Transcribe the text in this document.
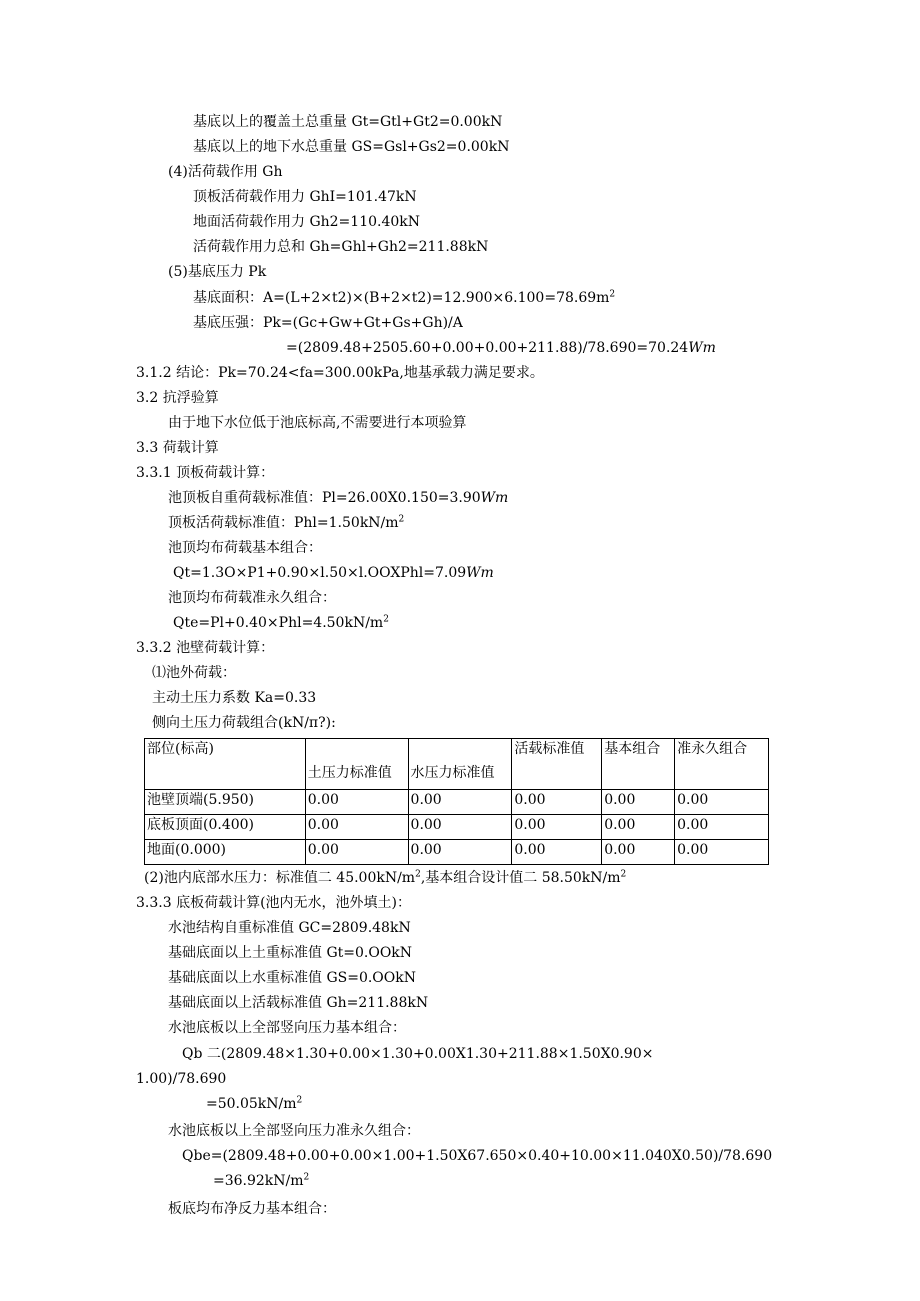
基底以上的覆盖土总重量 Gt=Gtl+Gt2=0.00kN
基底以上的地下水总重量 GS=Gsl+Gs2=0.00kN
(4)活荷载作用 Gh
顶板活荷载作用力 GhI=101.47kN
地面活荷载作用力 Gh2=110.40kN
活荷载作用力总和 Gh=Ghl+Gh2=211.88kN
(5)基底压力 Pk
基底面积：$A=(L+2\times t2)\times(B+2\times t2)=12.900\times 6.100=78.69m^2$
基底压强：Pk=(Gc+Gw+Gt+Gs+Gh)/A
=(2809.48+2505.60+0.00+0.00+211.88)/78.690=70.24Wm
3.1.2 结论：Pk=70.24<fa=300.00kPa,地基承载力满足要求。
3.2 抗浮验算
由于地下水位低于池底标高,不需要进行本项验算
3.3 荷载计算
3.3.1 顶板荷载计算：
池顶板自重荷载标准值：Pl=26.00X0.150=3.90Wm
顶板活荷载标准值：$Phl=1.50kN∕m^2$
池顶均布荷载基本组合：
Qt=1.3O×P1+0.90×l.50×l.OOXPhl=7.09Wm
池顶均布荷载准永久组合：
$Qte=Pl+0.40\times Phl=4.50kN∕m^2$
3.3.2 池壁荷载计算：
⑴池外荷载：
主动土压力系数 Ka=0.33
侧向土压力荷载组合(kN∕π?):
部位(标高)	土压力标准值	水压力标准值	活载标准值	基本组合	准永久组合
池壁顶端(5.950)	0.00	0.00	0.00	0.00	0.00
底板顶面(0.400)	0.00	0.00	0.00	0.00	0.00
地面(0.000)	0.00	0.00	0.00	0.00	0.00
(2)池内底部水压力：标准值二 $45.00kN∕m^2$,基本组合设计值二 $58.50kN∕m^2$
3.3.3 底板荷载计算(池内无水，池外填土)：
水池结构自重标准值 GC=2809.48kN
基础底面以上土重标准值 Gt=0.OOkN
基础底面以上水重标准值 GS=0.OOkN
基础底面以上活载标准值 Gh=211.88kN
水池底板以上全部竖向压力基本组合：
Qb 二(2809.48×1.30+0.00×1.30+0.00X1.30+211.88×1.50X0.90×
1.00)/78.690
$=50.05kN∕m^2$
水池底板以上全部竖向压力准永久组合：
Qbe=(2809.48+0.00+0.00×1.00+1.50X67.650×0.40+10.00×11.040X0.50)/78.690
$=36.92kN∕m^2$
板底均布净反力基本组合：
